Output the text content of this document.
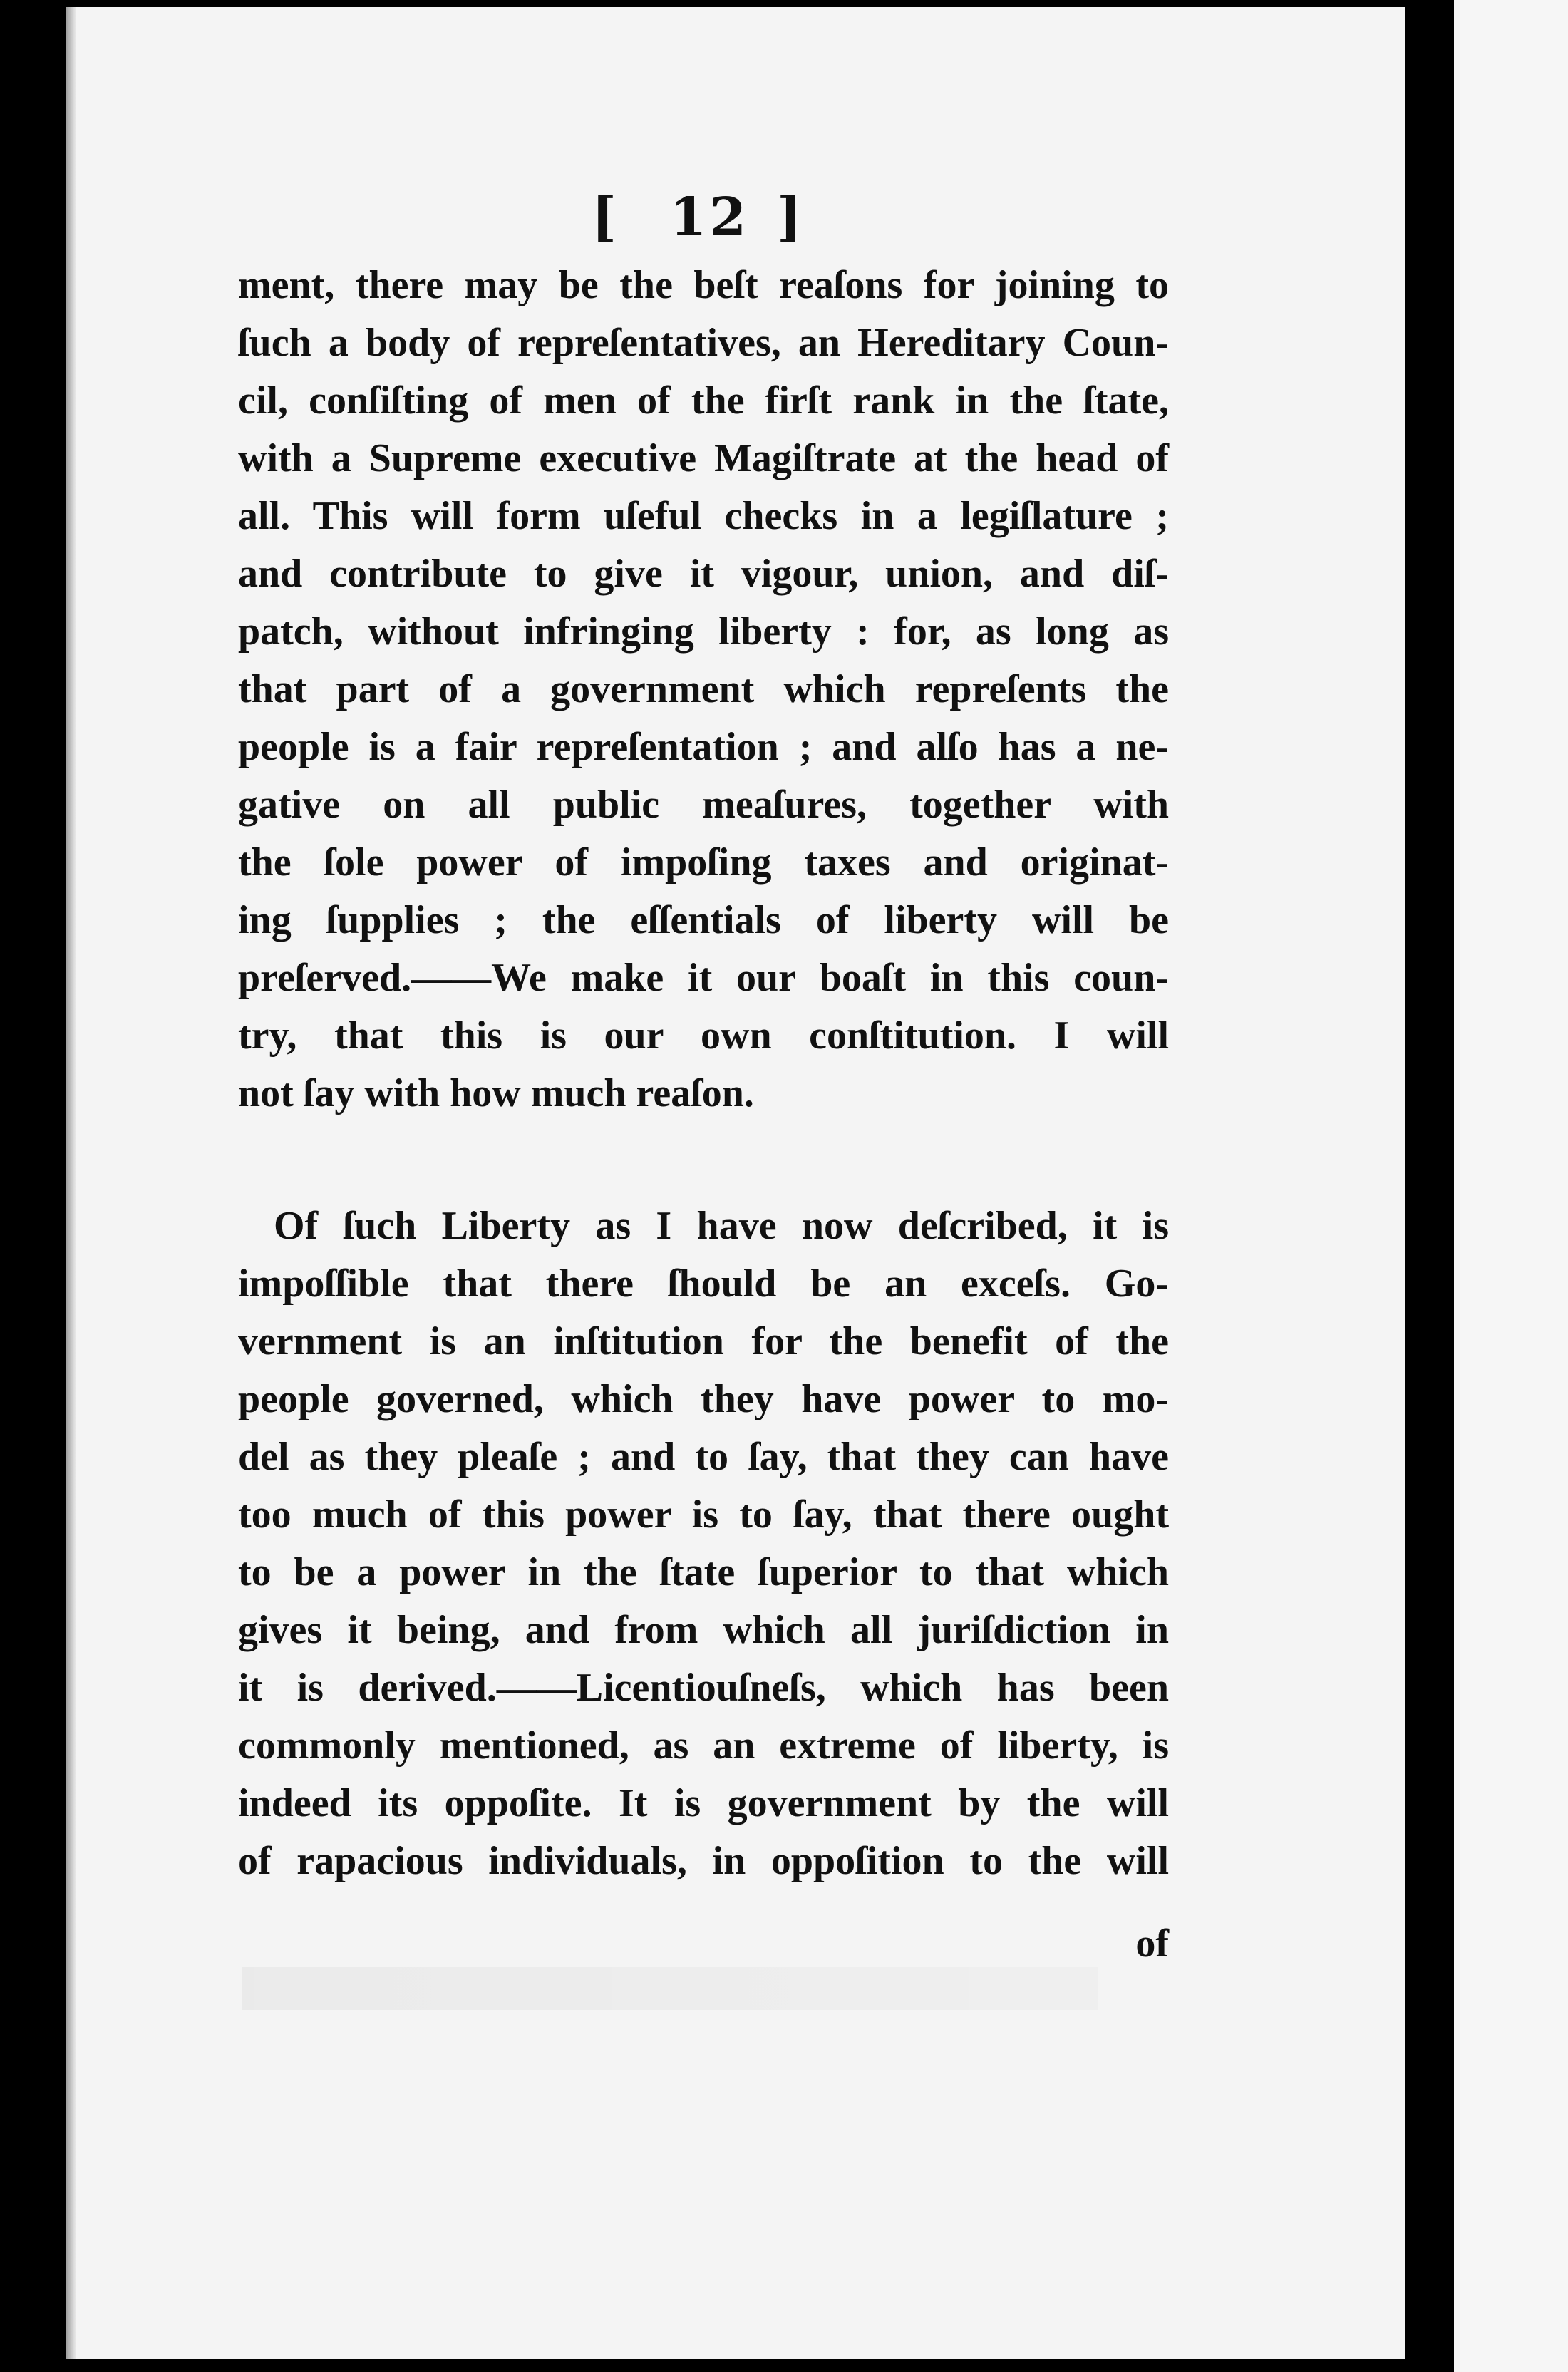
[ 12 ]
ment, there may be the beſt reaſons for joining to
ſuch a body of repreſentatives, an Hereditary Coun-
cil, conſiſting of men of the firſt rank in the ſtate,
with a Supreme executive Magiſtrate at the head of
all. This will form uſeful checks in a legiſlature ;
and contribute to give it vigour, union, and diſ-
patch, without infringing liberty : for, as long as
that part of a government which repreſents the
people is a fair repreſentation ; and alſo has a ne-
gative on all public meaſures, together with
the ſole power of impoſing taxes and originat-
ing ſupplies ; the eſſentials of liberty will be
preſerved.——We make it our boaſt in this coun-
try, that this is our own conſtitution. I will
not ſay with how much reaſon.
Of ſuch Liberty as I have now deſcribed, it is
impoſſible that there ſhould be an exceſs. Go-
vernment is an inſtitution for the benefit of the
people governed, which they have power to mo-
del as they pleaſe ; and to ſay, that they can have
too much of this power is to ſay, that there ought
to be a power in the ſtate ſuperior to that which
gives it being, and from which all juriſdiction in
it is derived.——Licentiouſneſs, which has been
commonly mentioned, as an extreme of liberty, is
indeed its oppoſite. It is government by the will
of rapacious individuals, in oppoſition to the will
of
